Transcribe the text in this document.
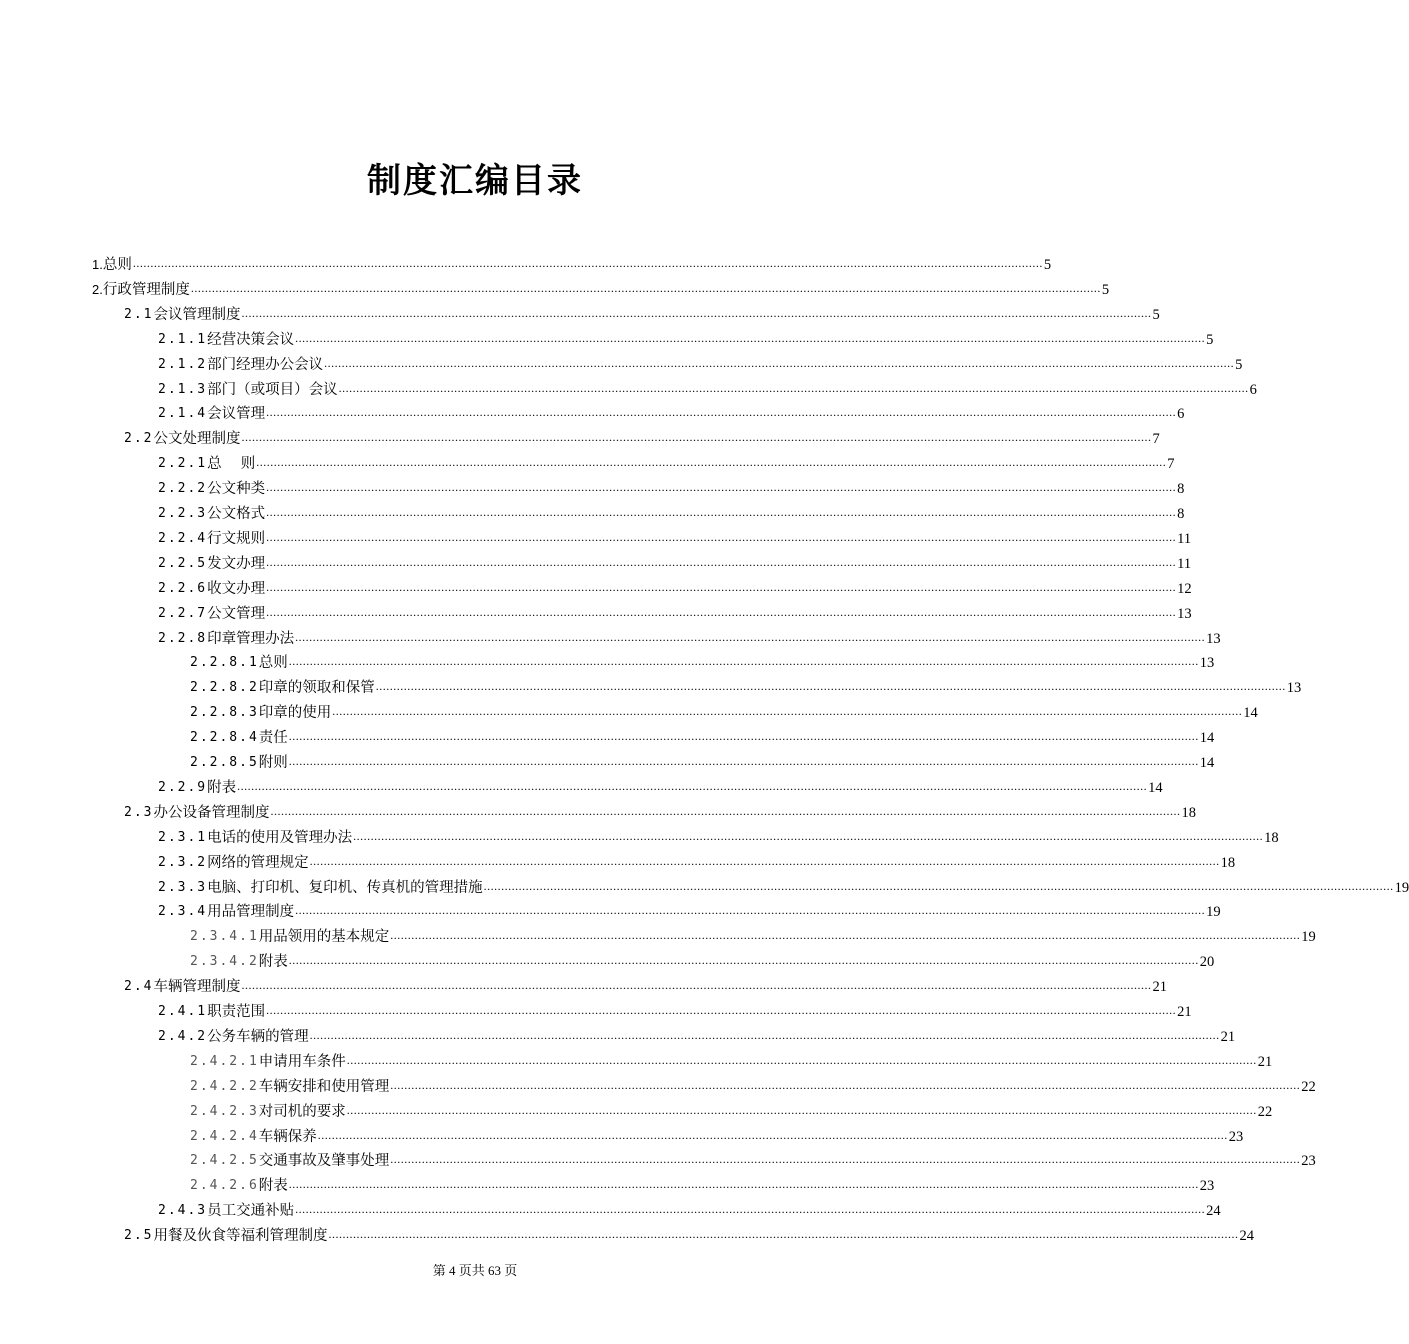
制度汇编目录
1. 总则 .................................................................................................................................................................................................................................................................... 5
2. 行政管理制度 .................................................................................................................................................................................................................................................................... 5
2.1 会议管理制度 .................................................................................................................................................................................................................................................................... 5
2.1.1 经营决策会议 .................................................................................................................................................................................................................................................................... 5
2.1.2 部门经理办公会议 .................................................................................................................................................................................................................................................................... 5
2.1.3 部门（或项目）会议 .................................................................................................................................................................................................................................................................... 6
2.1.4 会议管理 .................................................................................................................................................................................................................................................................... 6
2.2 公文处理制度 .................................................................................................................................................................................................................................................................... 7
2.2.1 总　 则 .................................................................................................................................................................................................................................................................... 7
2.2.2 公文种类 .................................................................................................................................................................................................................................................................... 8
2.2.3 公文格式 .................................................................................................................................................................................................................................................................... 8
2.2.4 行文规则 .................................................................................................................................................................................................................................................................... 11
2.2.5 发文办理 .................................................................................................................................................................................................................................................................... 11
2.2.6 收文办理 .................................................................................................................................................................................................................................................................... 12
2.2.7 公文管理 .................................................................................................................................................................................................................................................................... 13
2.2.8 印章管理办法 .................................................................................................................................................................................................................................................................... 13
2.2.8.1 总则 .................................................................................................................................................................................................................................................................... 13
2.2.8.2 印章的领取和保管 .................................................................................................................................................................................................................................................................... 13
2.2.8.3 印章的使用 .................................................................................................................................................................................................................................................................... 14
2.2.8.4 责任 .................................................................................................................................................................................................................................................................... 14
2.2.8.5 附则 .................................................................................................................................................................................................................................................................... 14
2.2.9 附表 .................................................................................................................................................................................................................................................................... 14
2.3 办公设备管理制度 .................................................................................................................................................................................................................................................................... 18
2.3.1 电话的使用及管理办法 .................................................................................................................................................................................................................................................................... 18
2.3.2 网络的管理规定 .................................................................................................................................................................................................................................................................... 18
2.3.3 电脑、打印机、复印机、传真机的管理措施 .................................................................................................................................................................................................................................................................... 19
2.3.4 用品管理制度 .................................................................................................................................................................................................................................................................... 19
2.3.4.1 用品领用的基本规定 .................................................................................................................................................................................................................................................................... 19
2.3.4.2 附表 .................................................................................................................................................................................................................................................................... 20
2.4 车辆管理制度 .................................................................................................................................................................................................................................................................... 21
2.4.1 职责范围 .................................................................................................................................................................................................................................................................... 21
2.4.2 公务车辆的管理 .................................................................................................................................................................................................................................................................... 21
2.4.2.1 申请用车条件 .................................................................................................................................................................................................................................................................... 21
2.4.2.2 车辆安排和使用管理 .................................................................................................................................................................................................................................................................... 22
2.4.2.3 对司机的要求 .................................................................................................................................................................................................................................................................... 22
2.4.2.4 车辆保养 .................................................................................................................................................................................................................................................................... 23
2.4.2.5 交通事故及肇事处理 .................................................................................................................................................................................................................................................................... 23
2.4.2.6 附表 .................................................................................................................................................................................................................................................................... 23
2.4.3 员工交通补贴 .................................................................................................................................................................................................................................................................... 24
2.5 用餐及伙食等福利管理制度 .................................................................................................................................................................................................................................................................... 24
第 4 页共 63 页
